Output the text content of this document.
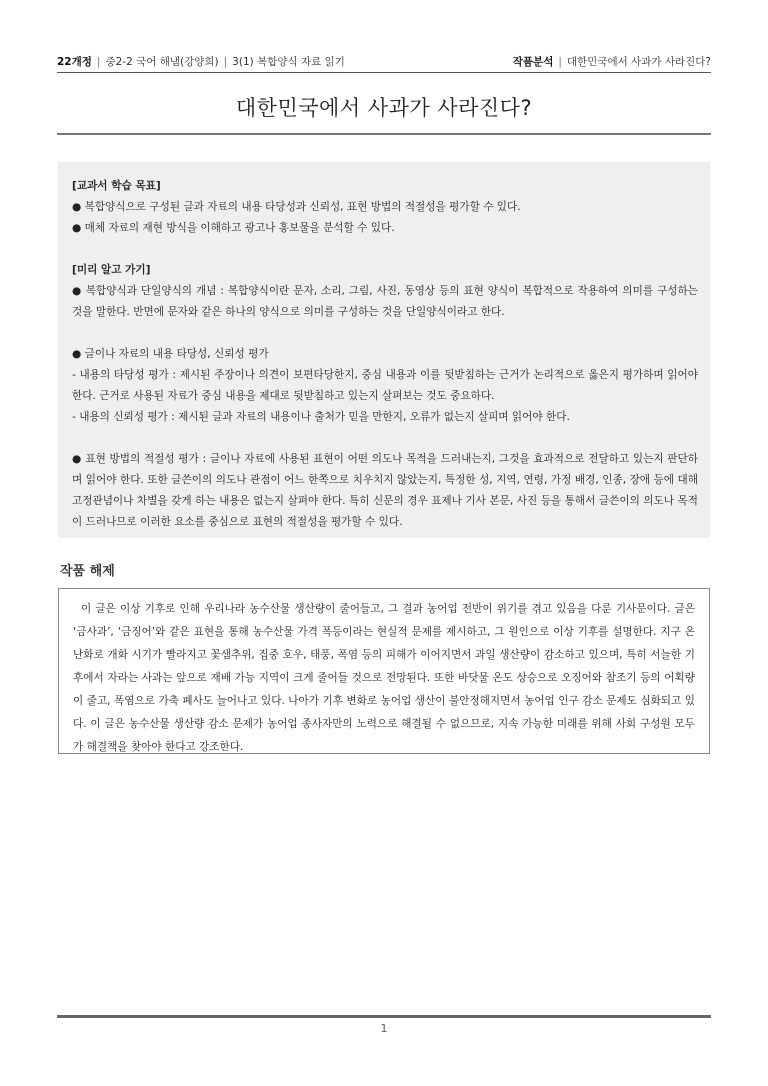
22개정 | 중2-2 국어 해냄(강양희) | 3(1) 복합양식 자료 읽기	작품분석 | 대한민국에서 사과가 사라진다?
대한민국에서 사과가 사라진다?

[교과서 학습 목표]

● 복합양식으로 구성된 글과 자료의 내용 타당성과 신뢰성, 표현 방법의 적절성을 평가할 수 있다.

● 매체 자료의 재현 방식을 이해하고 광고나 홍보물을 분석할 수 있다.

[미리 알고 가기]

● 복합양식과 단일양식의 개념 : 복합양식이란 문자, 소리, 그림, 사진, 동영상 등의 표현 양식이 복합적으로 작용하여 의미를 구성하는 것을 말한다. 반면에 문자와 같은 하나의 양식으로 의미를 구성하는 것을 단일양식이라고 한다.

● 글이나 자료의 내용 타당성, 신뢰성 평가

- 내용의 타당성 평가 : 제시된 주장이나 의견이 보편타당한지, 중심 내용과 이를 뒷받침하는 근거가 논리적으로 옳은지 평가하며 읽어야 한다. 근거로 사용된 자료가 중심 내용을 제대로 뒷받침하고 있는지 살펴보는 것도 중요하다.

- 내용의 신뢰성 평가 : 제시된 글과 자료의 내용이나 출처가 믿을 만한지, 오류가 없는지 살피며 읽어야 한다.

● 표현 방법의 적절성 평가 : 글이나 자료에 사용된 표현이 어떤 의도나 목적을 드러내는지, 그것을 효과적으로 전달하고 있는지 판단하며 읽어야 한다. 또한 글쓴이의 의도나 관점이 어느 한쪽으로 치우치지 않았는지, 특정한 성, 지역, 연령, 가정 배경, 인종, 장애 등에 대해 고정관념이나 차별을 갖게 하는 내용은 없는지 살펴야 한다. 특히 신문의 경우 표제나 기사 본문, 사진 등을 통해서 글쓴이의 의도나 목적이 드러나므로 이러한 요소를 중심으로 표현의 적절성을 평가할 수 있다.

작품 해제

이 글은 이상 기후로 인해 우리나라 농수산물 생산량이 줄어들고, 그 결과 농어업 전반이 위기를 겪고 있음을 다룬 기사문이다. 글은 ‘금사과’, ‘금징어’와 같은 표현을 통해 농수산물 가격 폭등이라는 현실적 문제를 제시하고, 그 원인으로 이상 기후를 설명한다. 지구 온난화로 개화 시기가 빨라지고 꽃샘추위, 집중 호우, 태풍, 폭염 등의 피해가 이어지면서 과일 생산량이 감소하고 있으며, 특히 서늘한 기후에서 자라는 사과는 앞으로 재배 가능 지역이 크게 줄어들 것으로 전망된다. 또한 바닷물 온도 상승으로 오징어와 참조기 등의 어획량이 줄고, 폭염으로 가축 폐사도 늘어나고 있다. 나아가 기후 변화로 농어업 생산이 불안정해지면서 농어업 인구 감소 문제도 심화되고 있다. 이 글은 농수산물 생산량 감소 문제가 농어업 종사자만의 노력으로 해결될 수 없으므로, 지속 가능한 미래를 위해 사회 구성원 모두가 해결책을 찾아야 한다고 강조한다.

1
